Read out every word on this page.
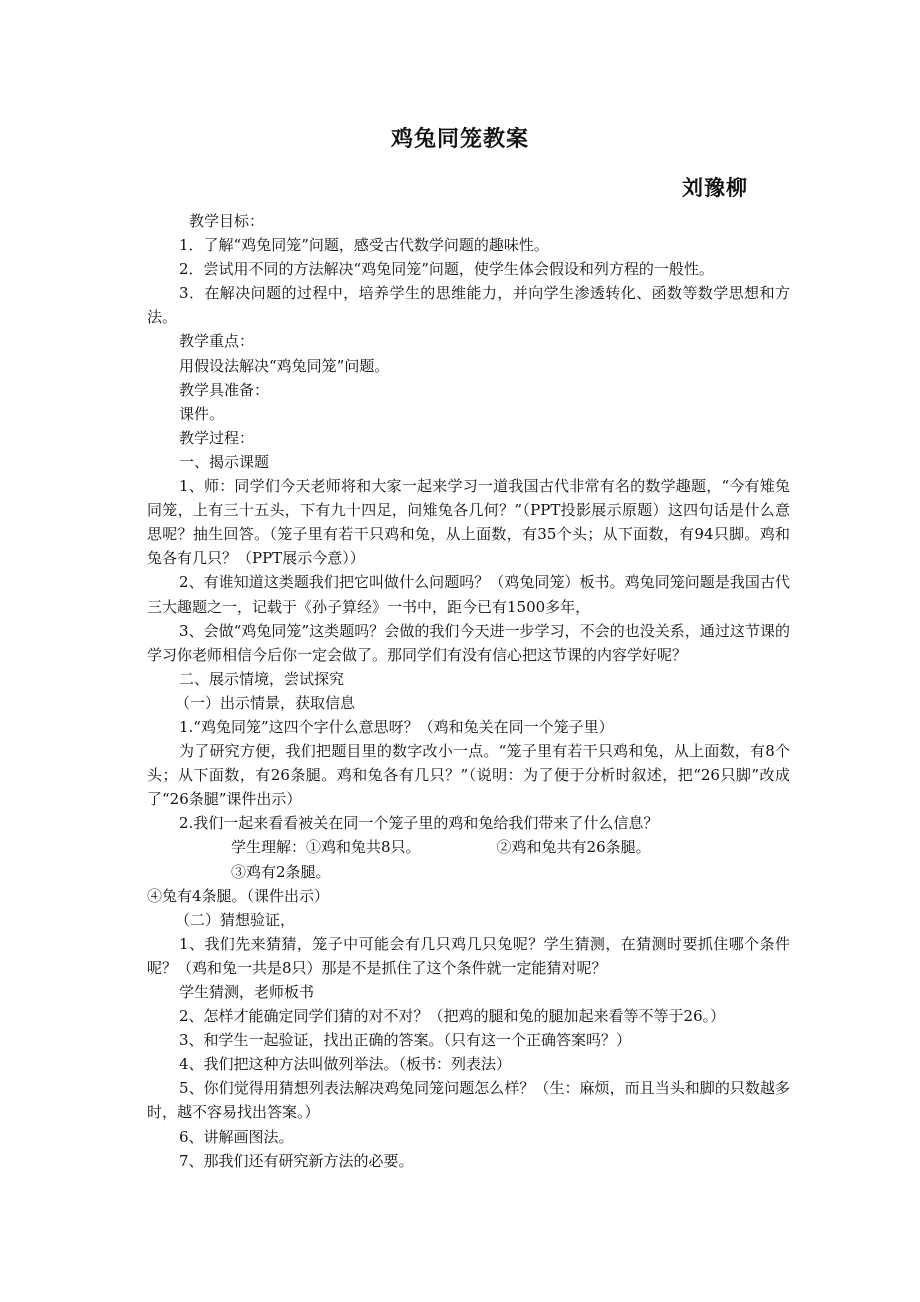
鸡兔同笼教案
刘豫柳

教学目标：

1．了解“鸡兔同笼”问题，感受古代数学问题的趣味性。

2．尝试用不同的方法解决“鸡兔同笼”问题，使学生体会假设和列方程的一般性。

3．在解决问题的过程中，培养学生的思维能力，并向学生渗透转化、函数等数学思想和方法。

教学重点：

用假设法解决“鸡兔同笼”问题。

教学具准备：

课件。

教学过程：

一、揭示课题

1、师：同学们今天老师将和大家一起来学习一道我国古代非常有名的数学趣题，“今有雉兔同笼，上有三十五头，下有九十四足，问雉兔各几何？”（PPT投影展示原题）这四句话是什么意思呢？抽生回答。（笼子里有若干只鸡和兔，从上面数，有35个头；从下面数，有94只脚。鸡和兔各有几只？（PPT展示今意））

2、有谁知道这类题我们把它叫做什么问题吗？（鸡兔同笼）板书。鸡兔同笼问题是我国古代三大趣题之一，记载于《孙子算经》一书中，距今已有1500多年，

3、会做“鸡兔同笼”这类题吗？会做的我们今天进一步学习，不会的也没关系，通过这节课的学习你老师相信今后你一定会做了。那同学们有没有信心把这节课的内容学好呢？

二、展示情境，尝试探究

（一）出示情景，获取信息

1.“鸡兔同笼”这四个字什么意思呀？（鸡和兔关在同一个笼子里）

为了研究方便，我们把题目里的数字改小一点。“笼子里有若干只鸡和兔，从上面数，有8个头；从下面数，有26条腿。鸡和兔各有几只？”（说明：为了便于分析时叙述，把“26只脚”改成了“26条腿”课件出示）

2.我们一起来看看被关在同一个笼子里的鸡和兔给我们带来了什么信息？

学生理解：①鸡和兔共8只。	②鸡和兔共有26条腿。③鸡有2条腿。

④兔有4条腿。（课件出示）

（二）猜想验证，

1、我们先来猜猜，笼子中可能会有几只鸡几只兔呢？学生猜测，在猜测时要抓住哪个条件呢？（鸡和兔一共是8只）那是不是抓住了这个条件就一定能猜对呢？

学生猜测，老师板书

2、怎样才能确定同学们猜的对不对？（把鸡的腿和兔的腿加起来看等不等于26。）

3、和学生一起验证，找出正确的答案。（只有这一个正确答案吗？）

4、我们把这种方法叫做列举法。（板书：列表法）

5、你们觉得用猜想列表法解决鸡兔同笼问题怎么样？（生：麻烦，而且当头和脚的只数越多时，越不容易找出答案。）

6、讲解画图法。

7、那我们还有研究新方法的必要。
